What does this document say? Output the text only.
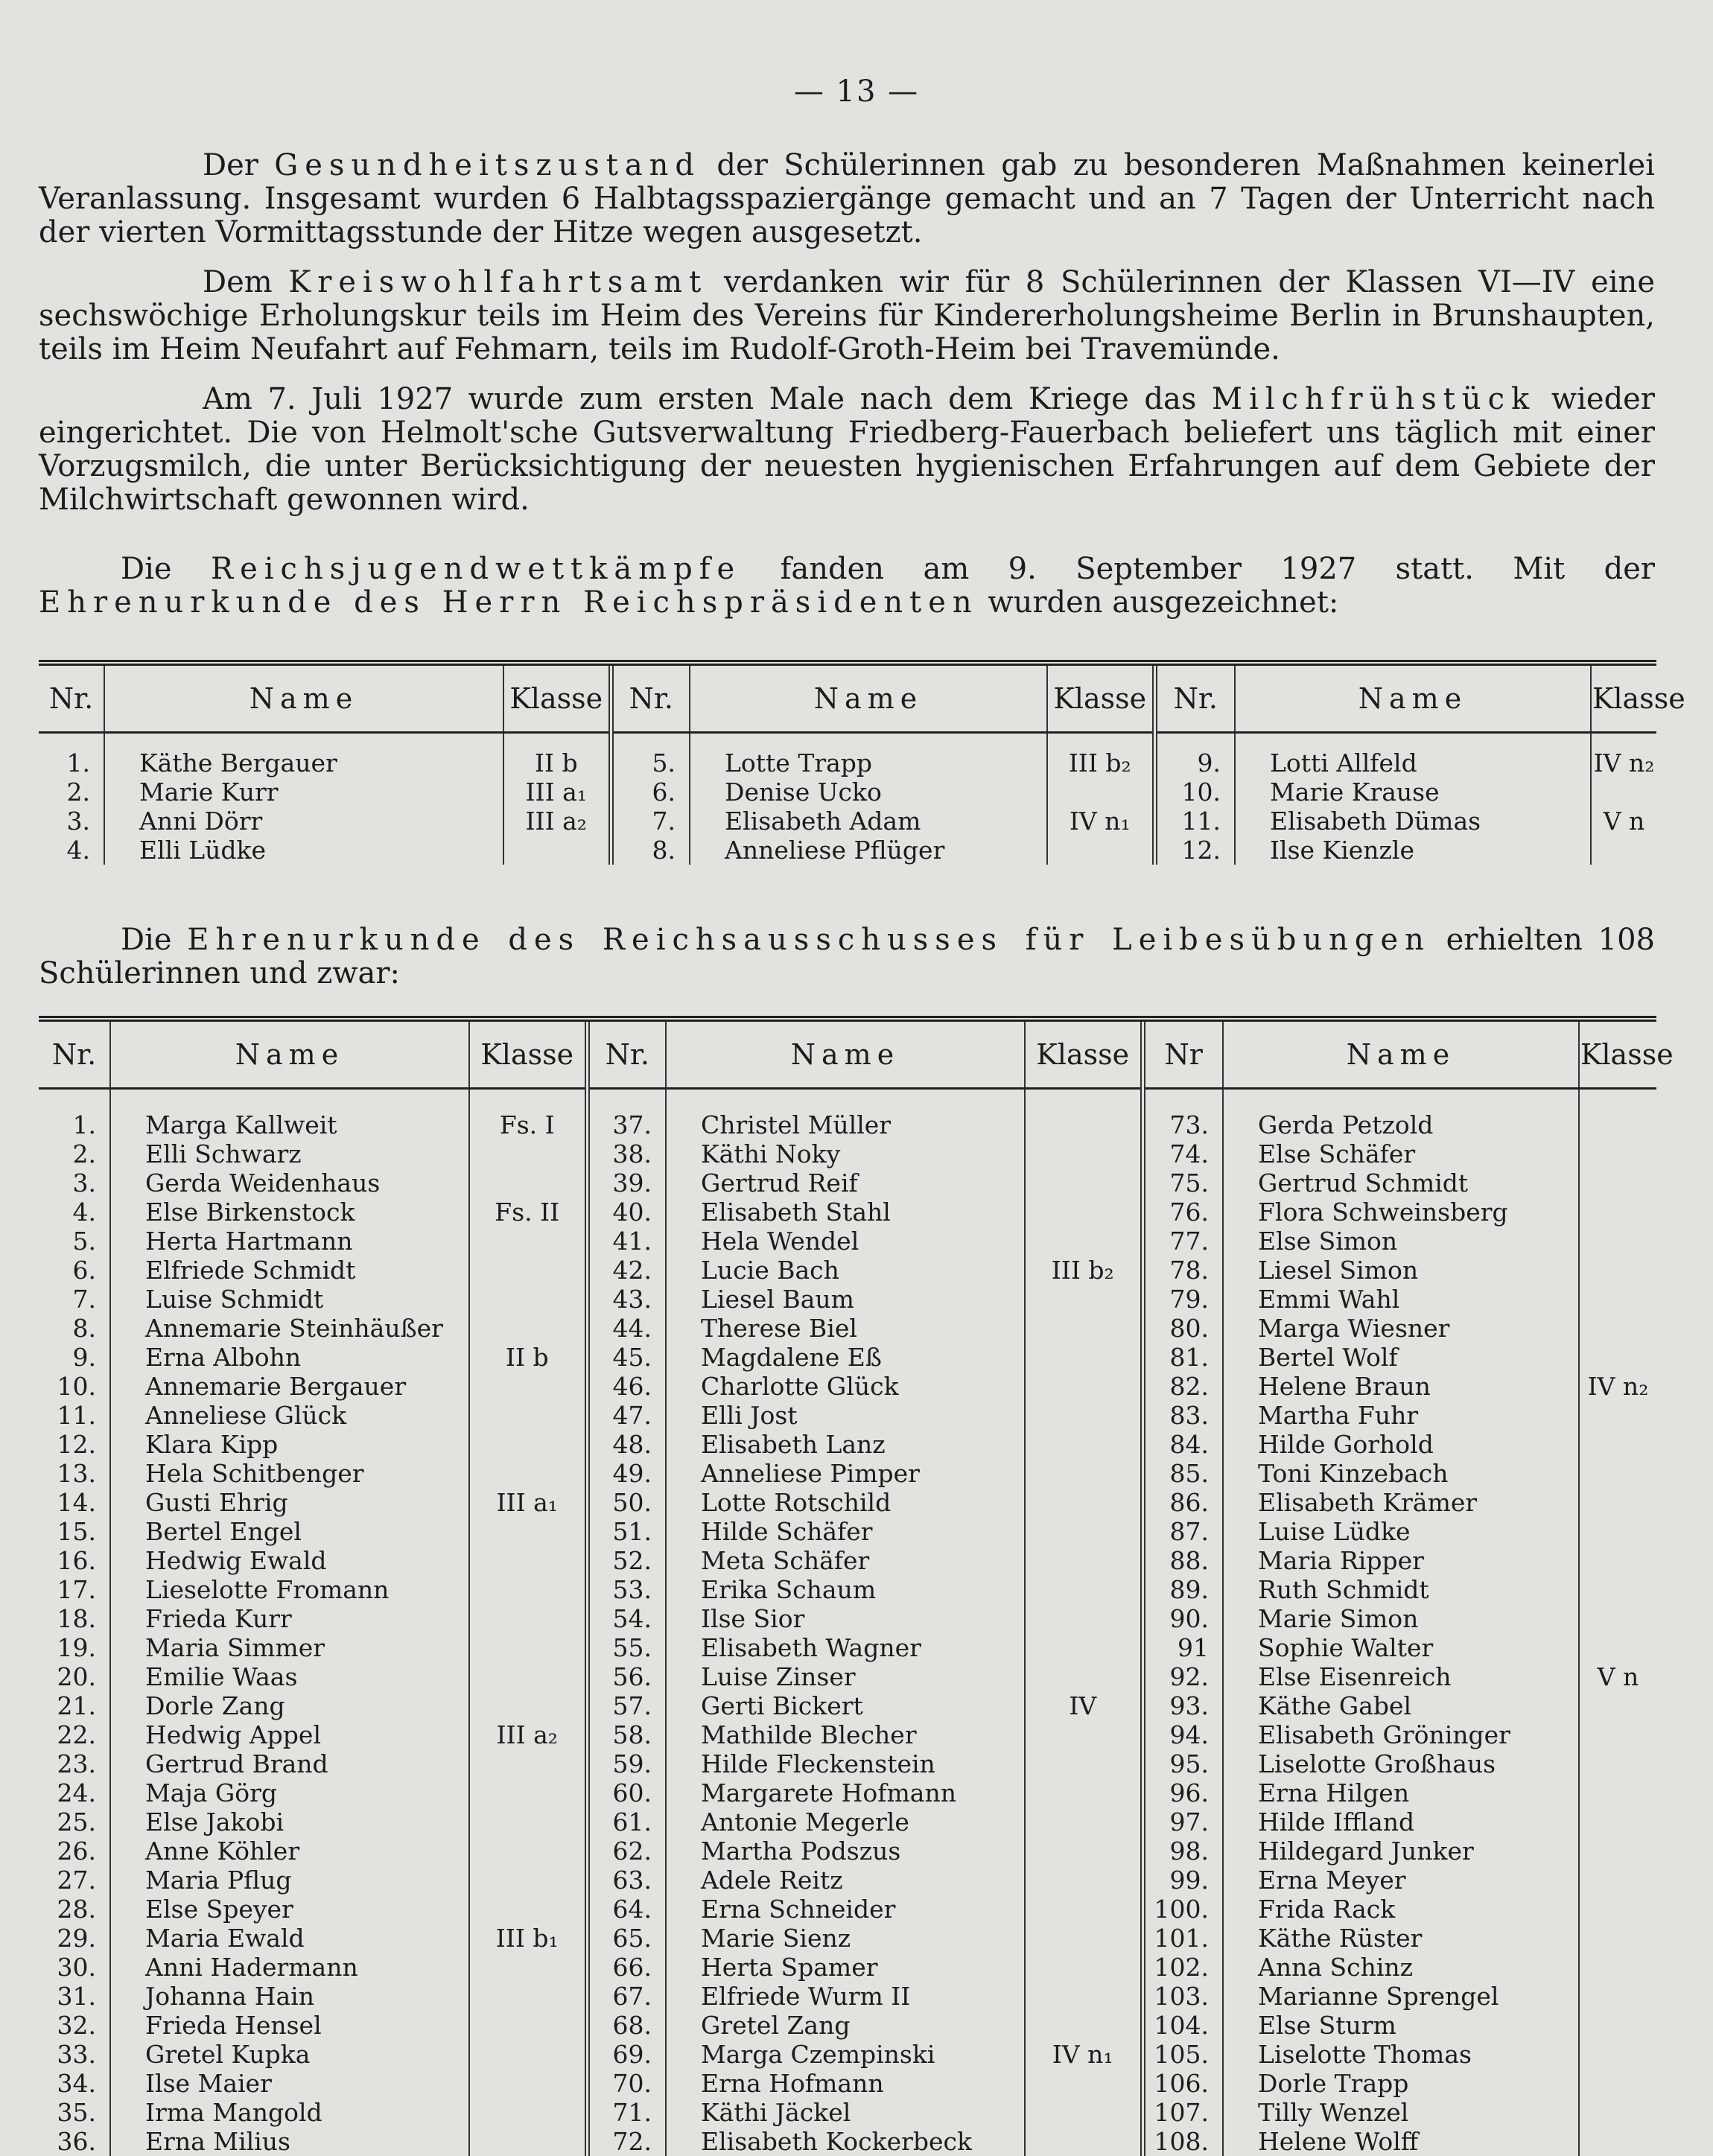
— 13 —

Der Gesundheitszustand der Schülerinnen gab zu besonderen Maßnahmen keinerlei Veranlassung. Insgesamt wurden 6 Halbtagsspaziergänge gemacht und an 7 Tagen der Unterricht nach der vierten Vormittagsstunde der Hitze wegen ausgesetzt.

Dem Kreiswohlfahrtsamt verdanken wir für 8 Schülerinnen der Klassen VI—IV eine sechswöchige Erholungskur teils im Heim des Vereins für Kindererholungsheime Berlin in Brunshaupten, teils im Heim Neufahrt auf Fehmarn, teils im Rudolf-Groth-Heim bei Travemünde.

Am 7. Juli 1927 wurde zum ersten Male nach dem Kriege das Milchfrühstück wieder eingerichtet. Die von Helmolt'sche Gutsverwaltung Friedberg-Fauerbach beliefert uns täglich mit einer Vorzugsmilch, die unter Berücksichtigung der neuesten hygienischen Erfahrungen auf dem Gebiete der Milchwirtschaft gewonnen wird.

Die Reichsjugendwettkämpfe fanden am 9. September 1927 statt. Mit der Ehrenurkunde des Herrn Reichspräsidenten wurden ausgezeichnet:

Nr.	Name	Klasse	Nr.	Name	Klasse	Nr.	Name	Klasse
1.	Käthe Bergauer	II b	5.	Lotte Trapp	III b₂	9.	Lotti Allfeld	IV n₂
2.	Marie Kurr	III a₁	6.	Denise Ucko		10.	Marie Krause	
3.	Anni Dörr	III a₂	7.	Elisabeth Adam	IV n₁	11.	Elisabeth Dümas	V n
4.	Elli Lüdke		8.	Anneliese Pflüger		12.	Ilse Kienzle	

Die Ehrenurkunde des Reichsausschusses für Leibesübungen erhielten 108 Schülerinnen und zwar:

Nr.	Name	Klasse	Nr.	Name	Klasse	Nr	Name	Klasse
1.	Marga Kallweit	Fs. I	37.	Christel Müller		73.	Gerda Petzold	
2.	Elli Schwarz		38.	Käthi Noky		74.	Else Schäfer	
3.	Gerda Weidenhaus		39.	Gertrud Reif		75.	Gertrud Schmidt	
4.	Else Birkenstock	Fs. II	40.	Elisabeth Stahl		76.	Flora Schweinsberg	
5.	Herta Hartmann		41.	Hela Wendel		77.	Else Simon	
6.	Elfriede Schmidt		42.	Lucie Bach	III b₂	78.	Liesel Simon	
7.	Luise Schmidt		43.	Liesel Baum		79.	Emmi Wahl	
8.	Annemarie Steinhäußer		44.	Therese Biel		80.	Marga Wiesner	
9.	Erna Albohn	II b	45.	Magdalene Eß		81.	Bertel Wolf	
10.	Annemarie Bergauer		46.	Charlotte Glück		82.	Helene Braun	IV n₂
11.	Anneliese Glück		47.	Elli Jost		83.	Martha Fuhr	
12.	Klara Kipp		48.	Elisabeth Lanz		84.	Hilde Gorhold	
13.	Hela Schitbenger		49.	Anneliese Pimper		85.	Toni Kinzebach	
14.	Gusti Ehrig	III a₁	50.	Lotte Rotschild		86.	Elisabeth Krämer	
15.	Bertel Engel		51.	Hilde Schäfer		87.	Luise Lüdke	
16.	Hedwig Ewald		52.	Meta Schäfer		88.	Maria Ripper	
17.	Lieselotte Fromann		53.	Erika Schaum		89.	Ruth Schmidt	
18.	Frieda Kurr		54.	Ilse Sior		90.	Marie Simon	
19.	Maria Simmer		55.	Elisabeth Wagner		91	Sophie Walter	
20.	Emilie Waas		56.	Luise Zinser		92.	Else Eisenreich	V n
21.	Dorle Zang		57.	Gerti Bickert	IV	93.	Käthe Gabel	
22.	Hedwig Appel	III a₂	58.	Mathilde Blecher		94.	Elisabeth Gröninger	
23.	Gertrud Brand		59.	Hilde Fleckenstein		95.	Liselotte Großhaus	
24.	Maja Görg		60.	Margarete Hofmann		96.	Erna Hilgen	
25.	Else Jakobi		61.	Antonie Megerle		97.	Hilde Iffland	
26.	Anne Köhler		62.	Martha Podszus		98.	Hildegard Junker	
27.	Maria Pflug		63.	Adele Reitz		99.	Erna Meyer	
28.	Else Speyer		64.	Erna Schneider		100.	Frida Rack	
29.	Maria Ewald	III b₁	65.	Marie Sienz		101.	Käthe Rüster	
30.	Anni Hadermann		66.	Herta Spamer		102.	Anna Schinz	
31.	Johanna Hain		67.	Elfriede Wurm II		103.	Marianne Sprengel	
32.	Frieda Hensel		68.	Gretel Zang		104.	Else Sturm	
33.	Gretel Kupka		69.	Marga Czempinski	IV n₁	105.	Liselotte Thomas	
34.	Ilse Maier		70.	Erna Hofmann		106.	Dorle Trapp	
35.	Irma Mangold		71.	Käthi Jäckel		107.	Tilly Wenzel	
36.	Erna Milius		72.	Elisabeth Kockerbeck		108.	Helene Wolff	
